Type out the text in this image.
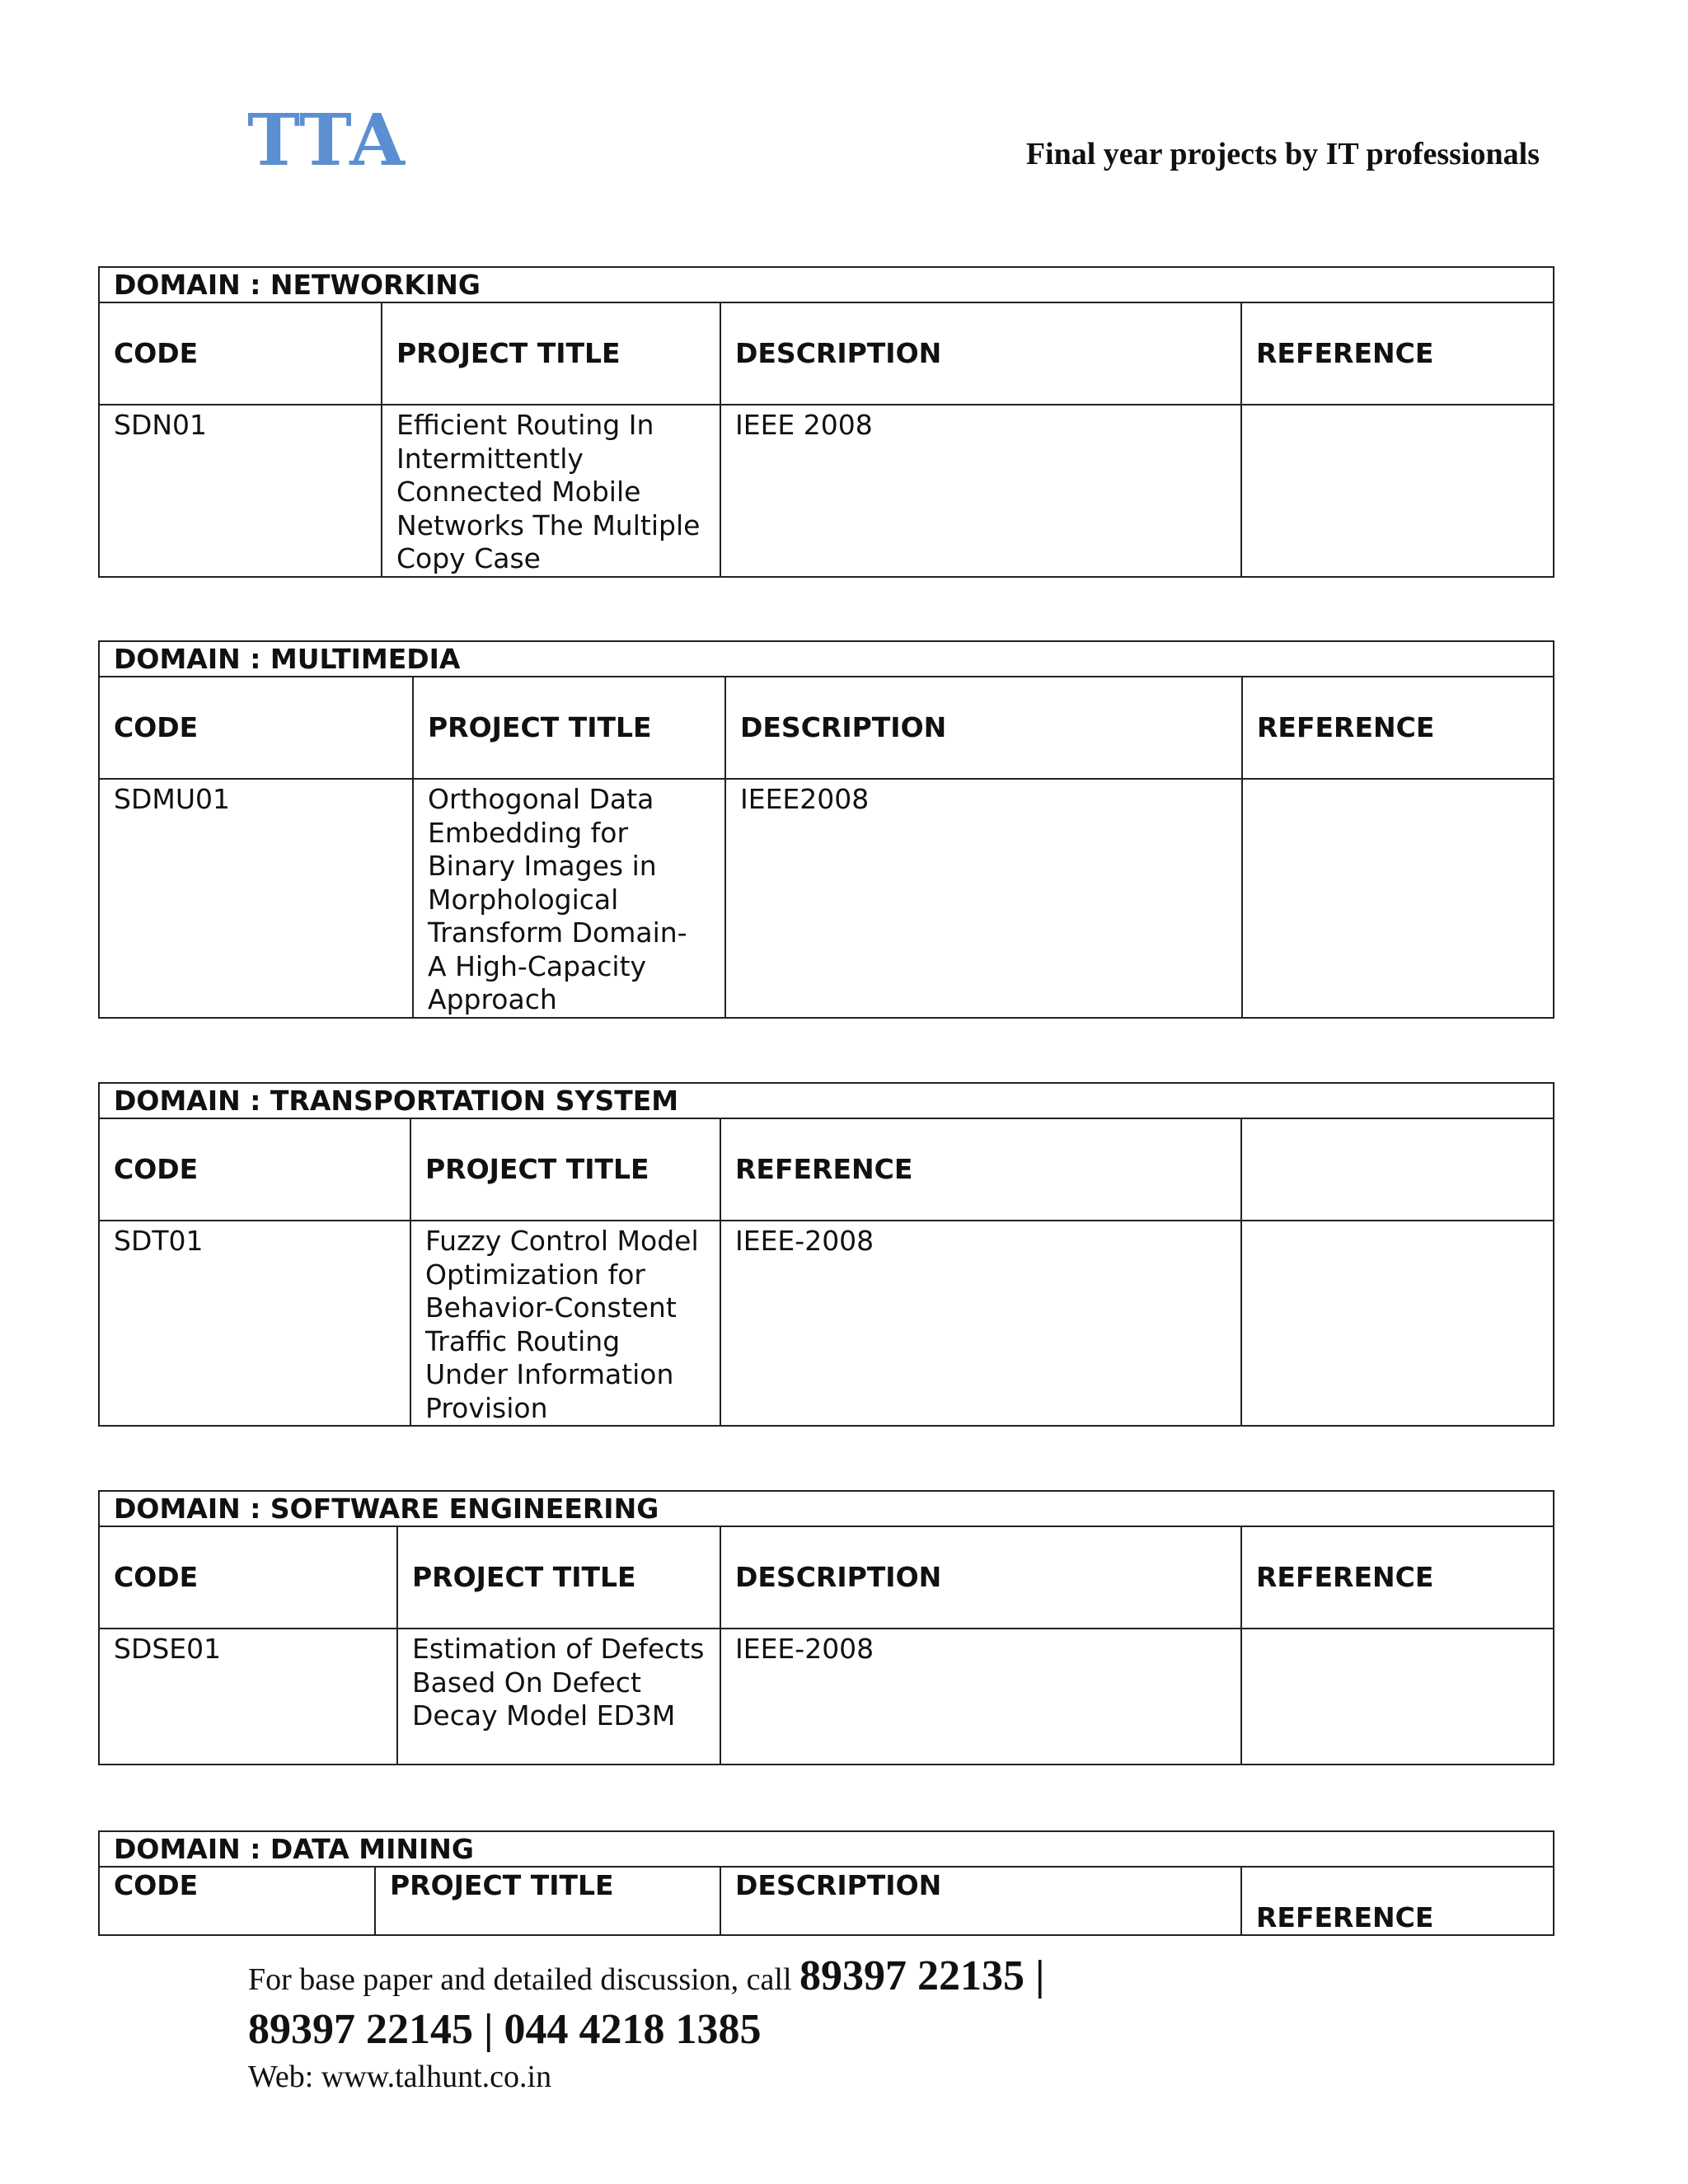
TTA	Final year projects by IT professionals
DOMAIN : NETWORKING			
CODE	PROJECT TITLE	DESCRIPTION	REFERENCE
SDN01	Efficient Routing In Intermittently Connected Mobile Networks The Multiple Copy Case	IEEE 2008	
DOMAIN : MULTIMEDIA			
CODE	PROJECT TITLE	DESCRIPTION	REFERENCE
SDMU01	Orthogonal Data Embedding for Binary Images in Morphological Transform Domain- A High-Capacity Approach	IEEE2008	
DOMAIN : TRANSPORTATION SYSTEM			
CODE	PROJECT TITLE	REFERENCE	
SDT01	Fuzzy Control Model Optimization for Behavior-Constent Traffic Routing Under Information Provision	IEEE-2008	
DOMAIN : SOFTWARE ENGINEERING			
CODE	PROJECT TITLE	DESCRIPTION	REFERENCE
SDSE01	Estimation of Defects Based On Defect Decay Model ED3M	IEEE-2008	
DOMAIN : DATA MINING
CODE	PROJECT TITLE	DESCRIPTION	REFERENCE
For base paper and detailed discussion, call 89397 22135 |
89397 22145 | 044 4218 1385
Web: www.talhunt.co.in
